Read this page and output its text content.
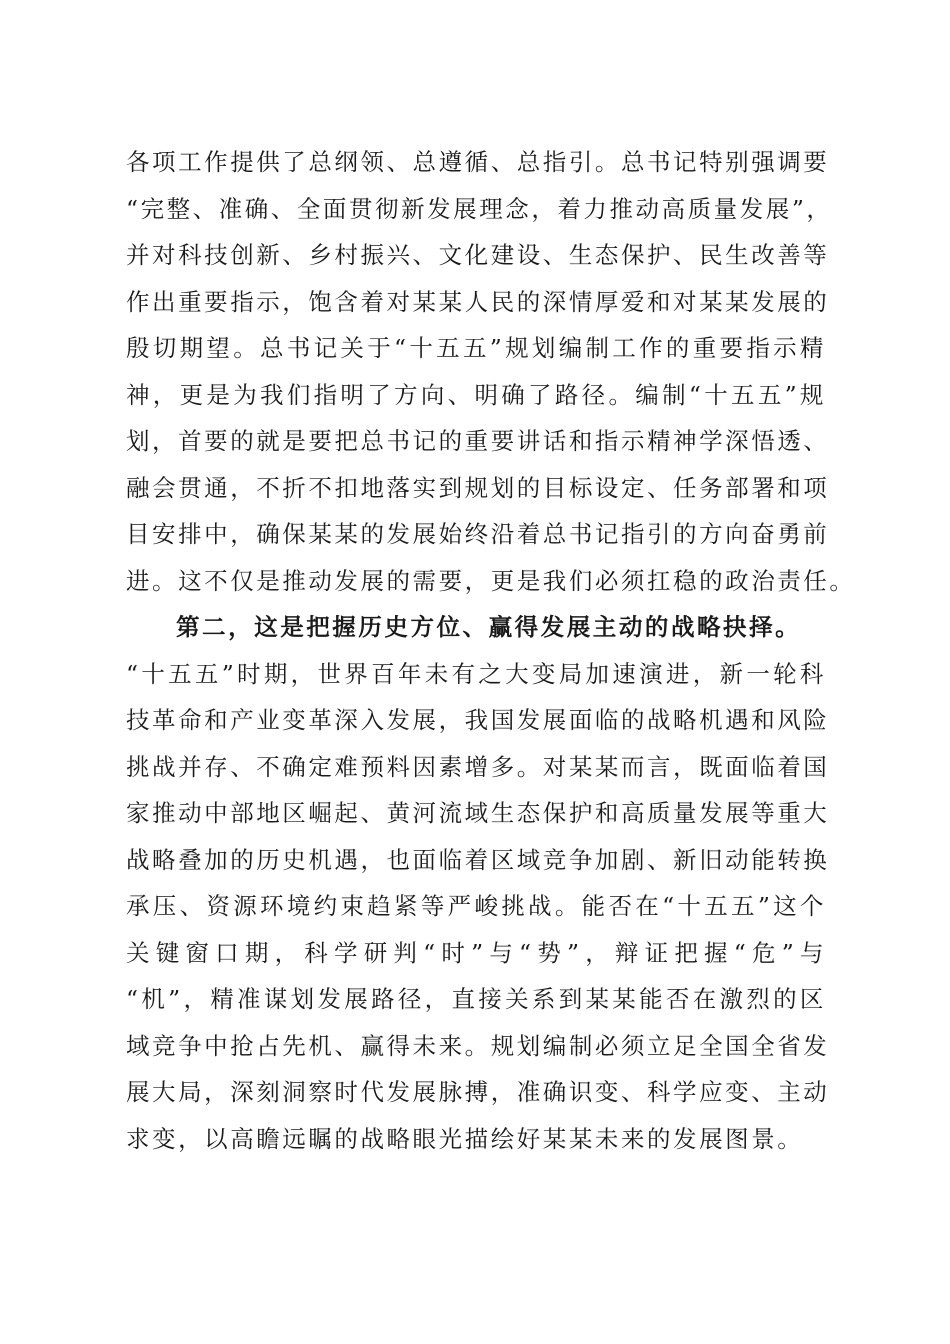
各项工作提供了总纲领、总遵循、总指引。总书记特别强调要
“完整、准确、全面贯彻新发展理念，着力推动高质量发展”，
并对科技创新、乡村振兴、文化建设、生态保护、民生改善等
作出重要指示，饱含着对某某人民的深情厚爱和对某某发展的
殷切期望。总书记关于“十五五”规划编制工作的重要指示精
神，更是为我们指明了方向、明确了路径。编制“十五五”规
划，首要的就是要把总书记的重要讲话和指示精神学深悟透、
融会贯通，不折不扣地落实到规划的目标设定、任务部署和项
目安排中，确保某某的发展始终沿着总书记指引的方向奋勇前
进。这不仅是推动发展的需要，更是我们必须扛稳的政治责任。
第二，这是把握历史方位、赢得发展主动的战略抉择。
“十五五”时期，世界百年未有之大变局加速演进，新一轮科
技革命和产业变革深入发展，我国发展面临的战略机遇和风险
挑战并存、不确定难预料因素增多。对某某而言，既面临着国
家推动中部地区崛起、黄河流域生态保护和高质量发展等重大
战略叠加的历史机遇，也面临着区域竞争加剧、新旧动能转换
承压、资源环境约束趋紧等严峻挑战。能否在“十五五”这个
关键窗口期，科学研判“时”与“势”，辩证把握“危”与
“机”，精准谋划发展路径，直接关系到某某能否在激烈的区
域竞争中抢占先机、赢得未来。规划编制必须立足全国全省发
展大局，深刻洞察时代发展脉搏，准确识变、科学应变、主动
求变，以高瞻远瞩的战略眼光描绘好某某未来的发展图景。
